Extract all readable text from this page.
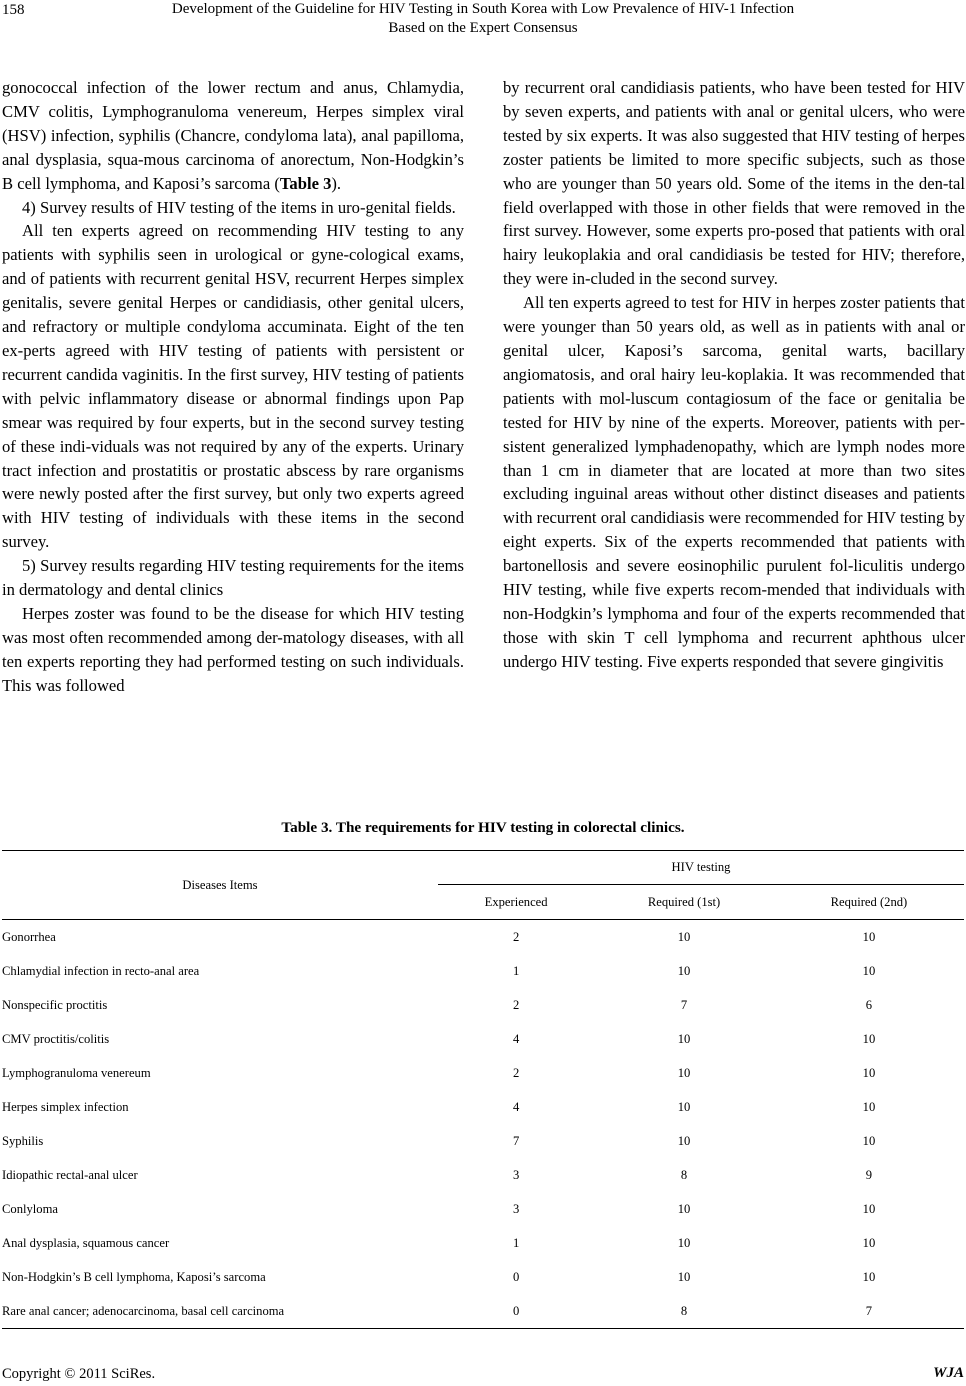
158	Development of the Guideline for HIV Testing in South Korea with Low Prevalence of HIV-1 Infection
Based on the Expert Consensus

gonococcal infection of the lower rectum and anus, Chlamydia, CMV colitis, Lymphogranuloma venereum, Herpes simplex viral (HSV) infection, syphilis (Chancre, condyloma lata), anal papilloma, anal dysplasia, squa-mous carcinoma of anorectum, Non-Hodgkin’s B cell lymphoma, and Kaposi’s sarcoma (Table 3).

4) Survey results of HIV testing of the items in uro-genital fields.

All ten experts agreed on recommending HIV testing to any patients with syphilis seen in urological or gyne-cological exams, and of patients with recurrent genital HSV, recurrent Herpes simplex genitalis, severe genital Herpes or candidiasis, other genital ulcers, and refractory or multiple condyloma accuminata. Eight of the ten ex-perts agreed with HIV testing of patients with persistent or recurrent candida vaginitis. In the first survey, HIV testing of patients with pelvic inflammatory disease or abnormal findings upon Pap smear was required by four experts, but in the second survey testing of these indi-viduals was not required by any of the experts. Urinary tract infection and prostatitis or prostatic abscess by rare organisms were newly posted after the first survey, but only two experts agreed with HIV testing of individuals with these items in the second survey.

5) Survey results regarding HIV testing requirements for the items in dermatology and dental clinics

Herpes zoster was found to be the disease for which HIV testing was most often recommended among der-matology diseases, with all ten experts reporting they had performed testing on such individuals. This was followed

by recurrent oral candidiasis patients, who have been tested for HIV by seven experts, and patients with anal or genital ulcers, who were tested by six experts. It was also suggested that HIV testing of herpes zoster patients be limited to more specific subjects, such as those who are younger than 50 years old. Some of the items in the den-tal field overlapped with those in other fields that were removed in the first survey. However, some experts pro-posed that patients with oral hairy leukoplakia and oral candidiasis be tested for HIV; therefore, they were in-cluded in the second survey.

All ten experts agreed to test for HIV in herpes zoster patients that were younger than 50 years old, as well as in patients with anal or genital ulcer, Kaposi’s sarcoma, genital warts, bacillary angiomatosis, and oral hairy leu-koplakia. It was recommended that patients with mol-luscum contagiosum of the face or genitalia be tested for HIV by nine of the experts. Moreover, patients with per-sistent generalized lymphadenopathy, which are lymph nodes more than 1 cm in diameter that are located at more than two sites excluding inguinal areas without other distinct diseases and patients with recurrent oral candidiasis were recommended for HIV testing by eight experts. Six of the experts recommended that patients with bartonellosis and severe eosinophilic purulent fol-liculitis undergo HIV testing, while five experts recom-mended that individuals with non-Hodgkin’s lymphoma and four of the experts recommended that those with skin T cell lymphoma and recurrent aphthous ulcer undergo HIV testing. Five experts responded that severe gingivitis

Table 3. The requirements for HIV testing in colorectal clinics.
Diseases Items	HIV testing		
	Experienced	Required (1st)	Required (2nd)
Gonorrhea	2	10	10
Chlamydial infection in recto-anal area	1	10	10
Nonspecific proctitis	2	7	6
CMV proctitis/colitis	4	10	10
Lymphogranuloma venereum	2	10	10
Herpes simplex infection	4	10	10
Syphilis	7	10	10
Idiopathic rectal-anal ulcer	3	8	9
Conlyloma	3	10	10
Anal dysplasia, squamous cancer	1	10	10
Non-Hodgkin’s B cell lymphoma, Kaposi’s sarcoma	0	10	10
Rare anal cancer; adenocarcinoma, basal cell carcinoma	0	8	7
Copyright © 2011 SciRes.	WJA
